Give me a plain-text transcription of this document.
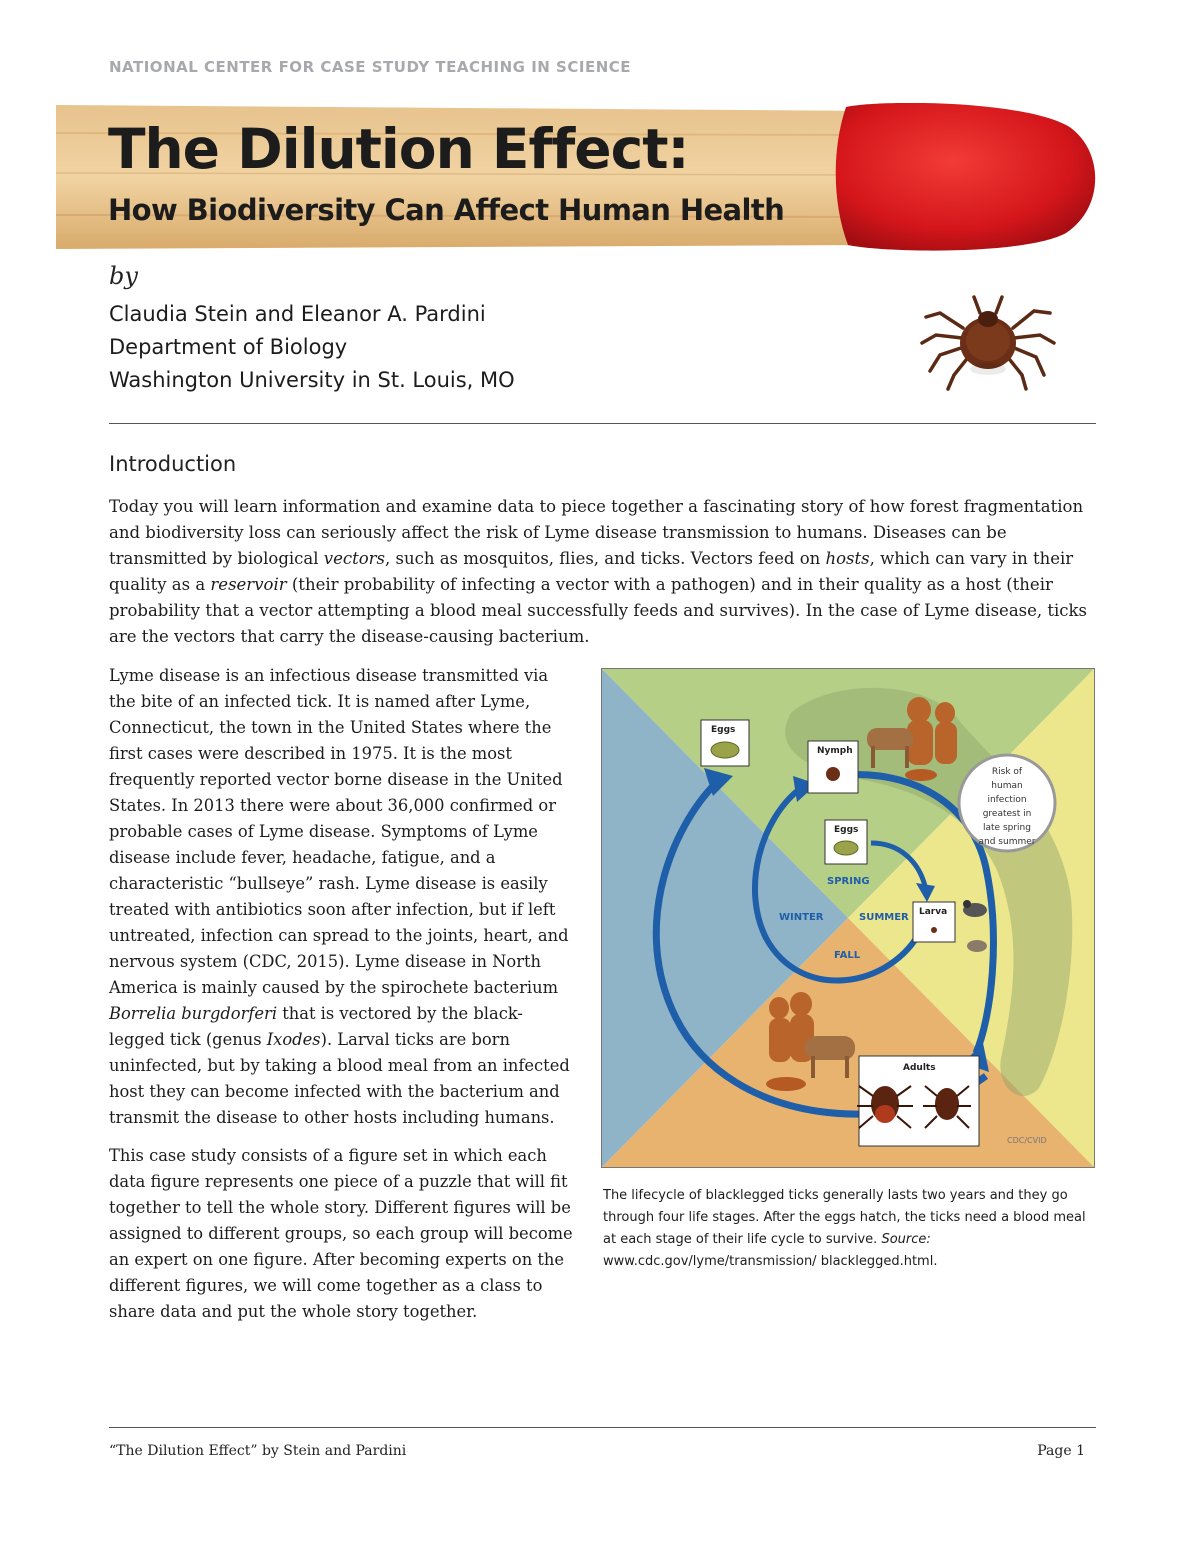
NATIONAL CENTER FOR CASE STUDY TEACHING IN SCIENCE
The Dilution Effect:
How Biodiversity Can Affect Human Health
by
Claudia Stein and Eleanor A. Pardini
Department of Biology
Washington University in St. Louis, MO
Introduction
Today you will learn information and examine data to piece together a fascinating story of how forest fragmentation and biodiversity loss can seriously affect the risk of Lyme disease transmission to humans. Diseases can be transmitted by biological vectors, such as mosquitos, flies, and ticks. Vectors feed on hosts, which can vary in their quality as a reservoir (their probability of infecting a vector with a pathogen) and in their quality as a host (their probability that a vector attempting a blood meal successfully feeds and survives). In the case of Lyme disease, ticks are the vectors that carry the disease-causing bacterium.

Lyme disease is an infectious disease transmitted via the bite of an infected tick. It is named after Lyme, Connecticut, the town in the United States where the first cases were described in 1975. It is the most frequently reported vector borne disease in the United States. In 2013 there were about 36,000 confirmed or probable cases of Lyme disease. Symptoms of Lyme disease include fever, headache, fatigue, and a characteristic “bullseye” rash. Lyme disease is easily treated with antibiotics soon after infection, but if left untreated, infection can spread to the joints, heart, and nervous system (CDC, 2015). Lyme disease in North America is mainly caused by the spirochete bacterium Borrelia burgdorferi that is vectored by the black-legged tick (genus Ixodes). Larval ticks are born uninfected, but by taking a blood meal from an infected host they can become infected with the bacterium and transmit the disease to other hosts including humans.

This case study consists of a figure set in which each data figure represents one piece of a puzzle that will fit together to tell the whole story. Different figures will be assigned to different groups, so each group will become an expert on one figure. After becoming experts on the different figures, we will come together as a class to share data and put the whole story together.

Eggs
Nymph
Eggs
Larva
Adults
Risk of
human
infection
greatest in
late spring
and summer
SPRING
WINTER	SUMMER
FALL
CDC/CVID
The lifecycle of blacklegged ticks generally lasts two years and they go through four life stages. After the eggs hatch, the ticks need a blood meal at each stage of their life cycle to survive. Source: www.cdc.gov/lyme/transmission/ blacklegged.html.
“The Dilution Effect” by Stein and Pardini	Page 1
